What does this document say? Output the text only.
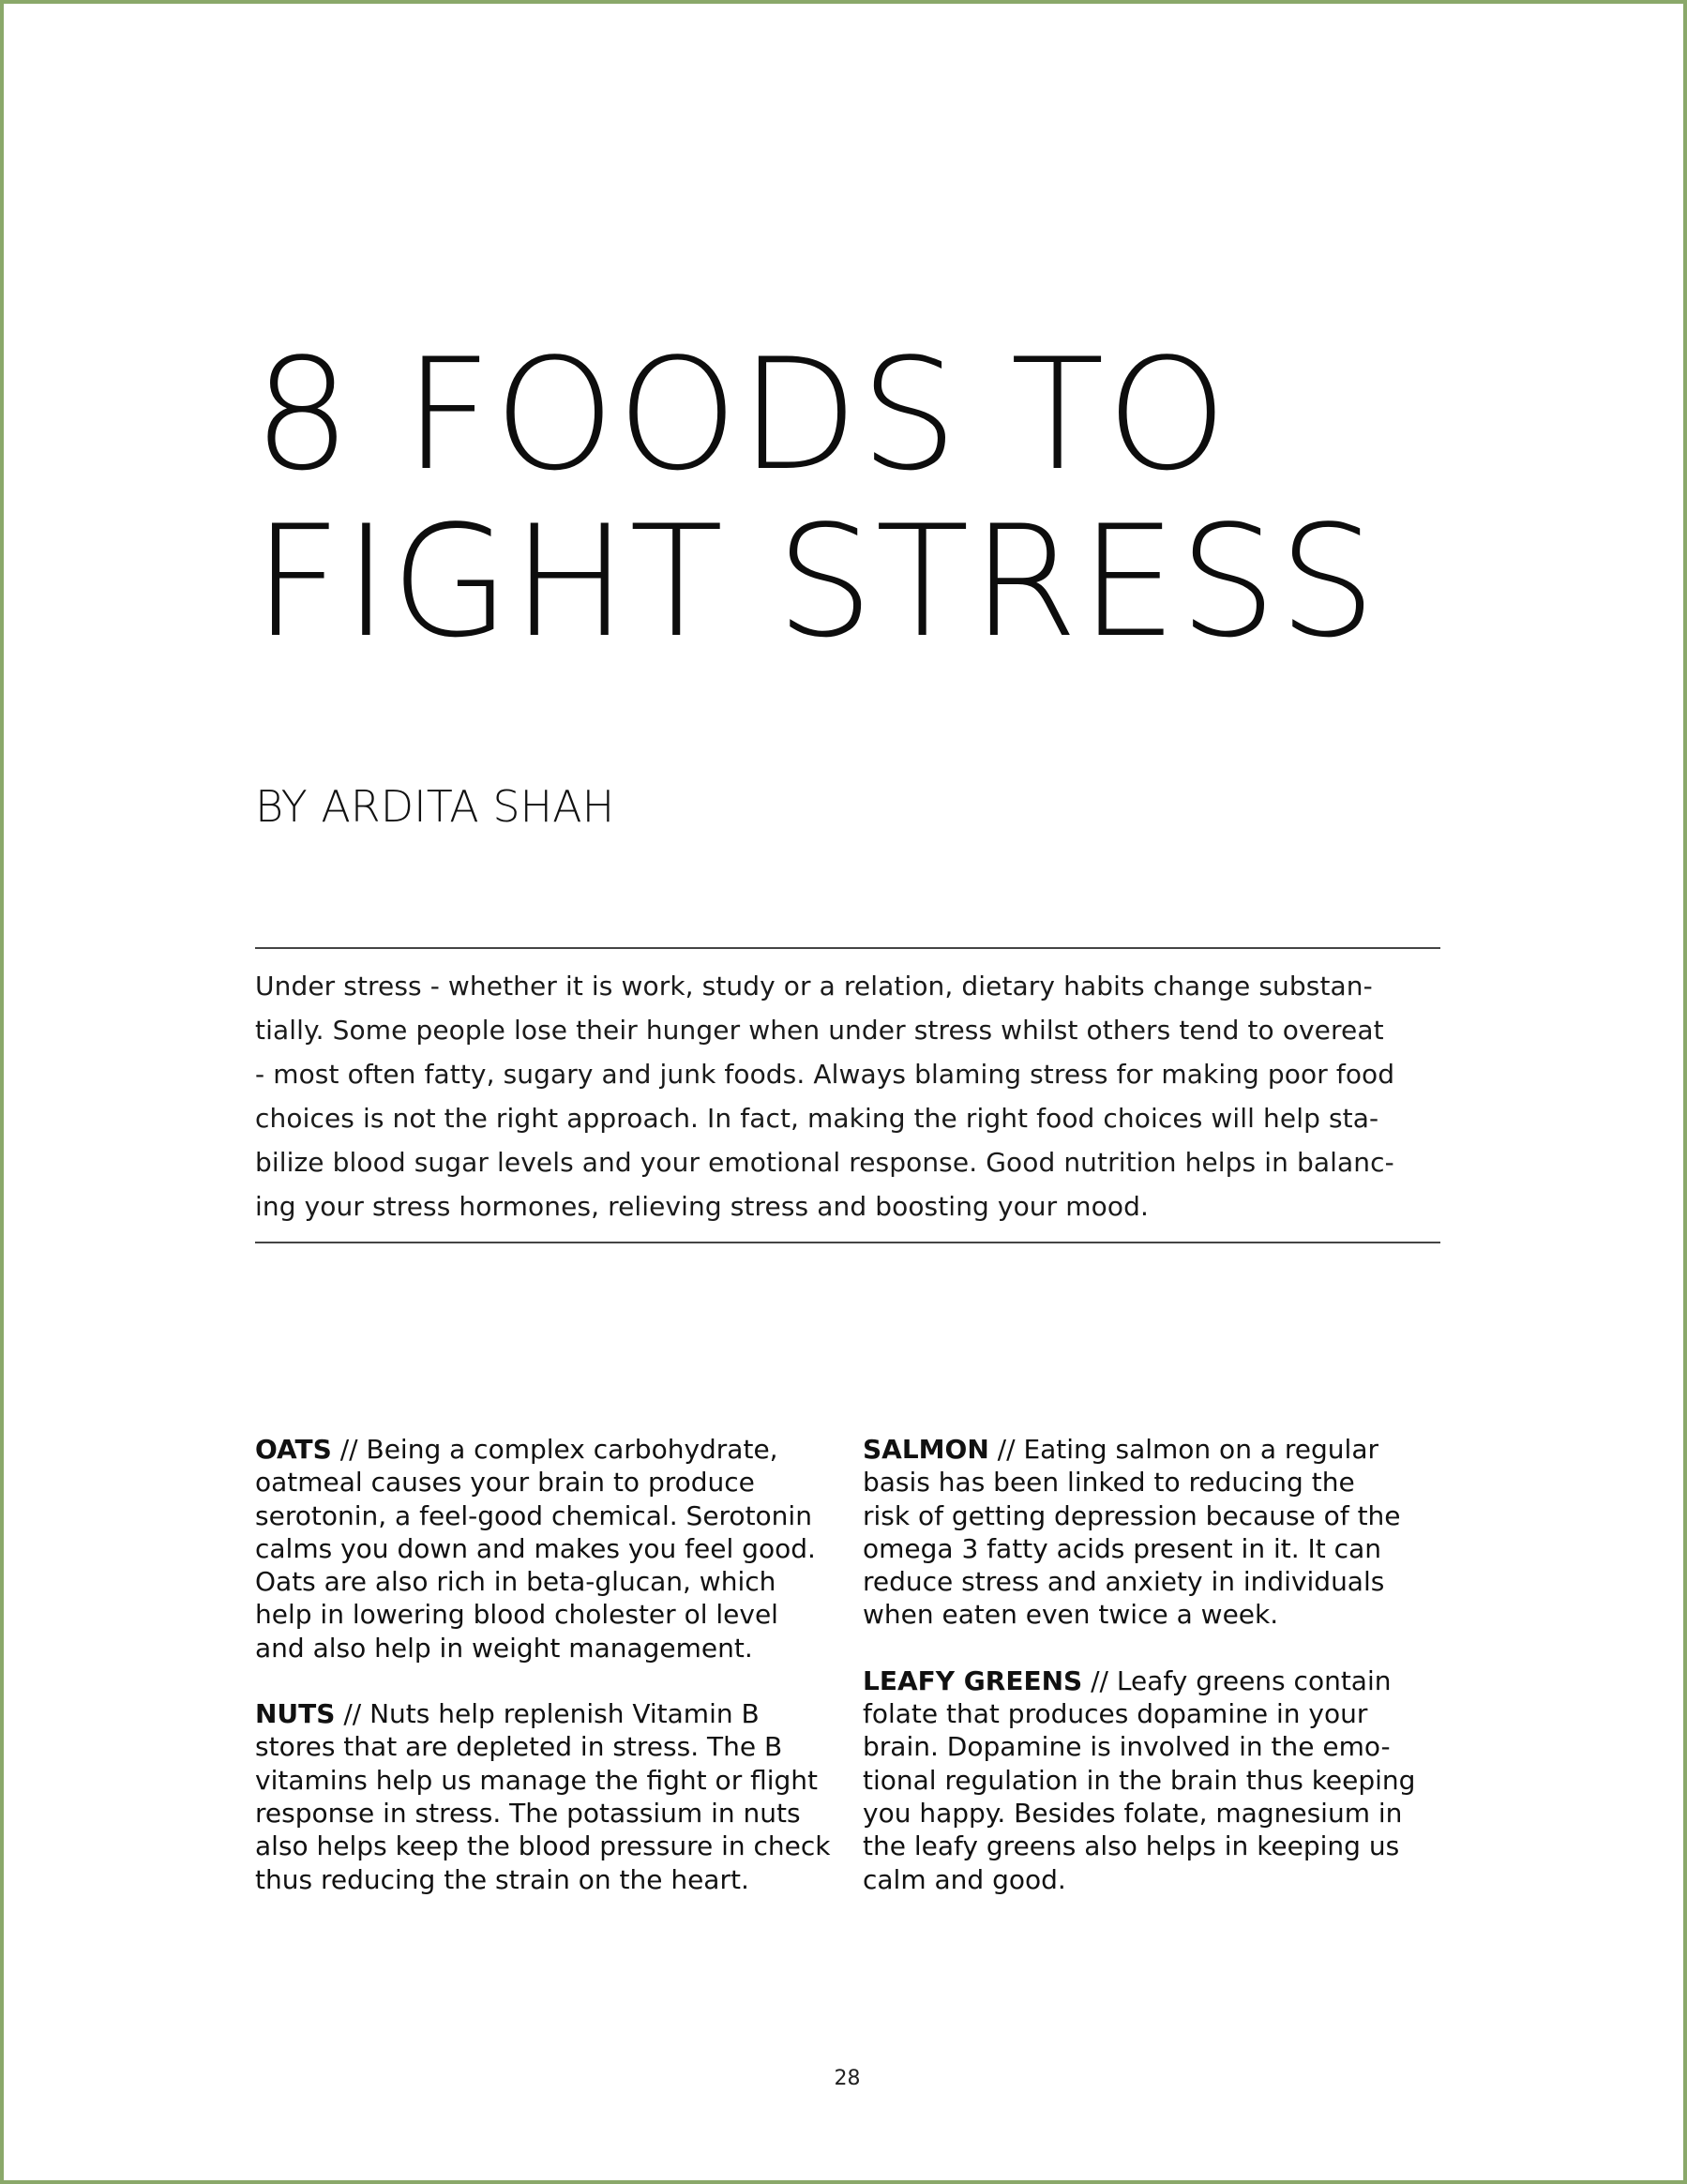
8 FOODS TO
FIGHT STRESS

BY ARDITA SHAH

Under stress - whether it is work, study or a relation, dietary habits change substan-
tially. Some people lose their hunger when under stress whilst others tend to overeat
- most often fatty, sugary and junk foods. Always blaming stress for making poor food
choices is not the right approach. In fact, making the right food choices will help sta-
bilize blood sugar levels and your emotional response. Good nutrition helps in balanc-
ing your stress hormones, relieving stress and boosting your mood.

OATS // Being a complex carbohydrate,
oatmeal causes your brain to produce
serotonin, a feel-good chemical. Serotonin
calms you down and makes you feel good.
Oats are also rich in beta-glucan, which
help in lowering blood cholester ol level
and also help in weight management.
NUTS // Nuts help replenish Vitamin B
stores that are depleted in stress. The B
vitamins help us manage the fight or flight
response in stress. The potassium in nuts
also helps keep the blood pressure in check
thus reducing the strain on the heart.
SALMON // Eating salmon on a regular
basis has been linked to reducing the
risk of getting depression because of the
omega 3 fatty acids present in it. It can
reduce stress and anxiety in individuals
when eaten even twice a week.
LEAFY GREENS // Leafy greens contain
folate that produces dopamine in your
brain. Dopamine is involved in the emo-
tional regulation in the brain thus keeping
you happy. Besides folate, magnesium in
the leafy greens also helps in keeping us
calm and good.
28
